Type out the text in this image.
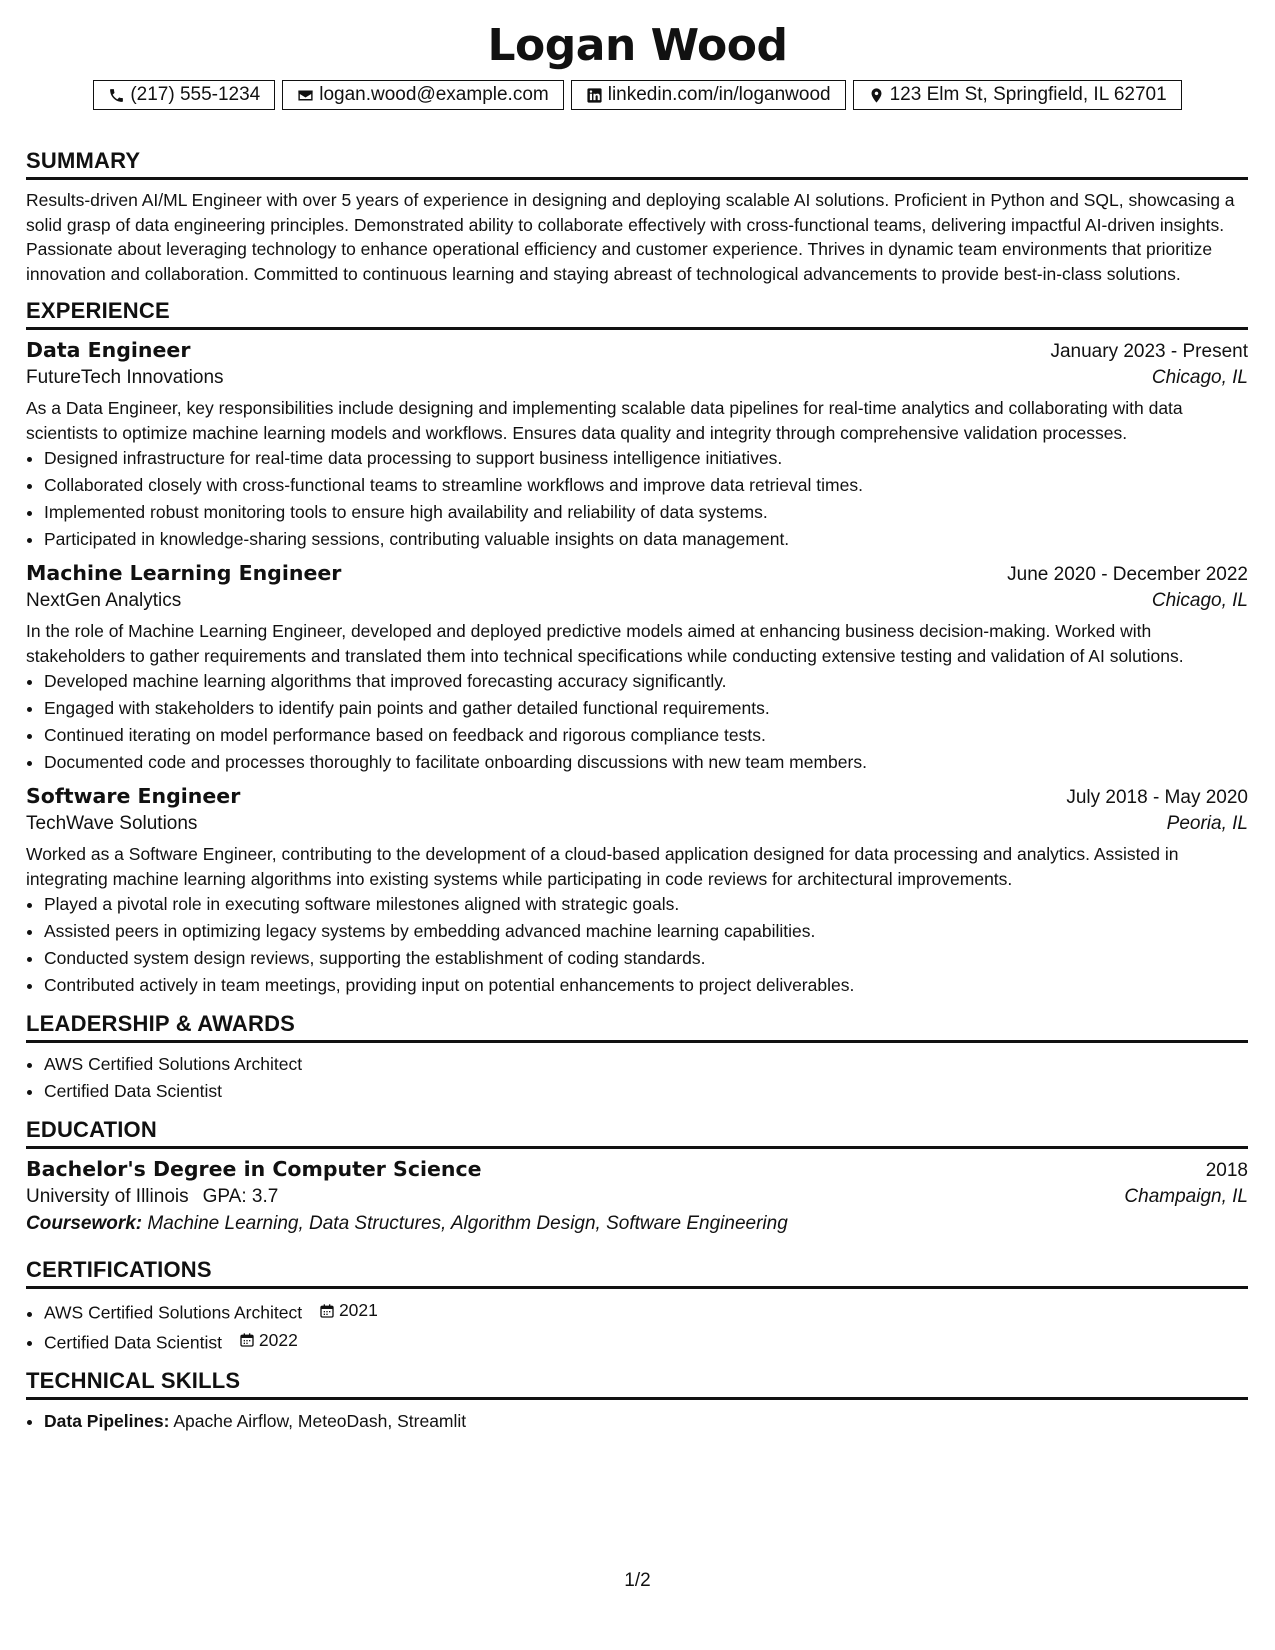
Logan Wood
(217) 555-1234	logan.wood@example.com	linkedin.com/in/loganwood	123 Elm St, Springfield, IL 62701
SUMMARY

Results-driven AI/ML Engineer with over 5 years of experience in designing and deploying scalable AI solutions. Proficient in Python and SQL, showcasing a solid grasp of data engineering principles. Demonstrated ability to collaborate effectively with cross-functional teams, delivering impactful AI-driven insights. Passionate about leveraging technology to enhance operational efficiency and customer experience. Thrives in dynamic team environments that prioritize innovation and collaboration. Committed to continuous learning and staying abreast of technological advancements to provide best-in-class solutions.

EXPERIENCE
Data Engineer	January 2023 - Present
FutureTech Innovations	Chicago, IL

As a Data Engineer, key responsibilities include designing and implementing scalable data pipelines for real-time analytics and collaborating with data scientists to optimize machine learning models and workflows. Ensures data quality and integrity through comprehensive validation processes.

• Designed infrastructure for real-time data processing to support business intelligence initiatives.
• Collaborated closely with cross-functional teams to streamline workflows and improve data retrieval times.
• Implemented robust monitoring tools to ensure high availability and reliability of data systems.
• Participated in knowledge-sharing sessions, contributing valuable insights on data management.
Machine Learning Engineer	June 2020 - December 2022
NextGen Analytics	Chicago, IL

In the role of Machine Learning Engineer, developed and deployed predictive models aimed at enhancing business decision-making. Worked with stakeholders to gather requirements and translated them into technical specifications while conducting extensive testing and validation of AI solutions.

• Developed machine learning algorithms that improved forecasting accuracy significantly.
• Engaged with stakeholders to identify pain points and gather detailed functional requirements.
• Continued iterating on model performance based on feedback and rigorous compliance tests.
• Documented code and processes thoroughly to facilitate onboarding discussions with new team members.
Software Engineer	July 2018 - May 2020
TechWave Solutions	Peoria, IL

Worked as a Software Engineer, contributing to the development of a cloud-based application designed for data processing and analytics. Assisted in integrating machine learning algorithms into existing systems while participating in code reviews for architectural improvements.

• Played a pivotal role in executing software milestones aligned with strategic goals.
• Assisted peers in optimizing legacy systems by embedding advanced machine learning capabilities.
• Conducted system design reviews, supporting the establishment of coding standards.
• Contributed actively in team meetings, providing input on potential enhancements to project deliverables.
LEADERSHIP & AWARDS
• AWS Certified Solutions Architect
• Certified Data Scientist
EDUCATION
Bachelor's Degree in Computer Science	2018
University of Illinois GPA: 3.7	Champaign, IL
Coursework: Machine Learning, Data Structures, Algorithm Design, Software Engineering
CERTIFICATIONS
• AWS Certified Solutions Architect 2021
• Certified Data Scientist 2022
TECHNICAL SKILLS
• Data Pipelines: Apache Airflow, MeteoDash, Streamlit
1/2
